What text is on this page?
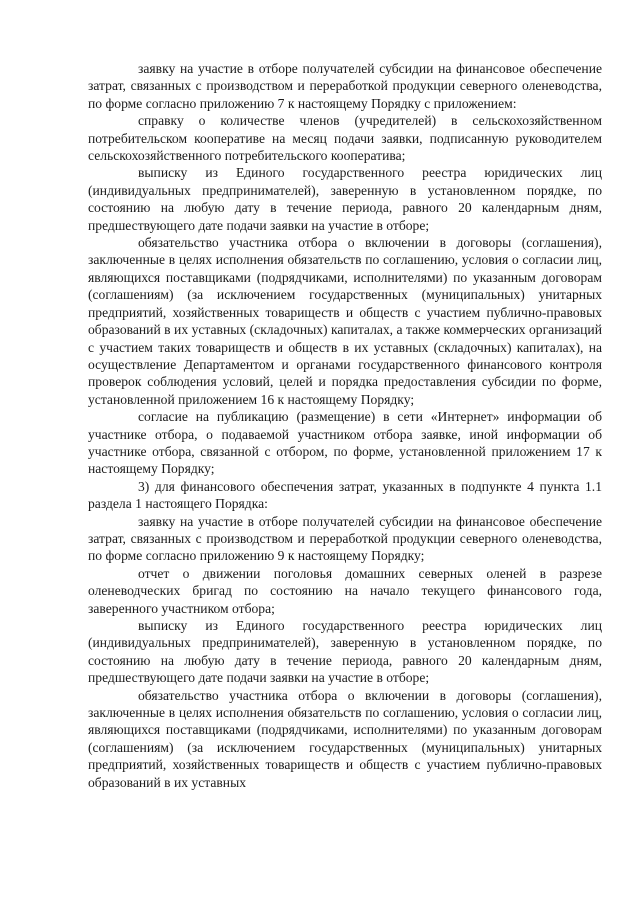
заявку на участие в отборе получателей субсидии на финансовое обеспечение затрат, связанных с производством и переработкой продукции северного оленеводства, по форме согласно приложению 7 к настоящему Порядку с приложением:

справку о количестве членов (учредителей) в сельскохозяйственном потребительском кооперативе на месяц подачи заявки, подписанную руководителем сельскохозяйственного потребительского кооператива;

выписку из Единого государственного реестра юридических лиц (индивидуальных предпринимателей), заверенную в установленном порядке, по состоянию на любую дату в течение периода, равного 20 календарным дням, предшествующего дате подачи заявки на участие в отборе;

обязательство участника отбора о включении в договоры (соглашения), заключенные в целях исполнения обязательств по соглашению, условия о согласии лиц, являющихся поставщиками (подрядчиками, исполнителями) по указанным договорам (соглашениям) (за исключением государственных (муниципальных) унитарных предприятий, хозяйственных товариществ и обществ с участием публично-правовых образований в их уставных (складочных) капиталах, а также коммерческих организаций с участием таких товариществ и обществ в их уставных (складочных) капиталах), на осуществление Департаментом и органами государственного финансового контроля проверок соблюдения условий, целей и порядка предоставления субсидии по форме, установленной приложением 16 к настоящему Порядку;

согласие на публикацию (размещение) в сети «Интернет» информации об участнике отбора, о подаваемой участником отбора заявке, иной информации об участнике отбора, связанной с отбором, по форме, установленной приложением 17 к настоящему Порядку;

3) для финансового обеспечения затрат, указанных в подпункте 4 пункта 1.1 раздела 1 настоящего Порядка:

заявку на участие в отборе получателей субсидии на финансовое обеспечение затрат, связанных с производством и переработкой продукции северного оленеводства, по форме согласно приложению 9 к настоящему Порядку;

отчет о движении поголовья домашних северных оленей в разрезе оленеводческих бригад по состоянию на начало текущего финансового года, заверенного участником отбора;

выписку из Единого государственного реестра юридических лиц (индивидуальных предпринимателей), заверенную в установленном порядке, по состоянию на любую дату в течение периода, равного 20 календарным дням, предшествующего дате подачи заявки на участие в отборе;

обязательство участника отбора о включении в договоры (соглашения), заключенные в целях исполнения обязательств по соглашению, условия о согласии лиц, являющихся поставщиками (подрядчиками, исполнителями) по указанным договорам (соглашениям) (за исключением государственных (муниципальных) унитарных предприятий, хозяйственных товариществ и обществ с участием публично-правовых образований в их уставных
